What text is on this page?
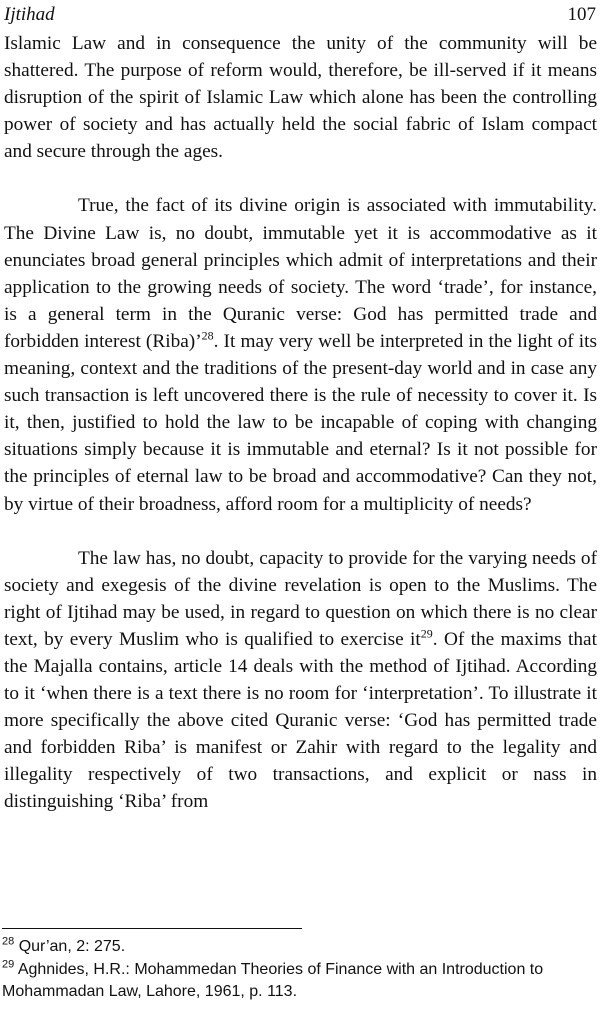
Ijtihad	107

Islamic Law and in consequence the unity of the community will be shattered. The purpose of reform would, therefore, be ill-served if it means disruption of the spirit of Islamic Law which alone has been the controlling power of society and has actually held the social fabric of Islam compact and secure through the ages.

True, the fact of its divine origin is associated with immutability. The Divine Law is, no doubt, immutable yet it is accommodative as it enunciates broad general principles which admit of interpretations and their application to the growing needs of society. The word ‘trade’, for instance, is a general term in the Quranic verse: God has permitted trade and forbidden interest (Riba)’$^{28}$. It may very well be interpreted in the light of its meaning, context and the traditions of the present-day world and in case any such transaction is left uncovered there is the rule of necessity to cover it. Is it, then, justified to hold the law to be incapable of coping with changing situations simply because it is immutable and eternal? Is it not possible for the principles of eternal law to be broad and accommodative? Can they not, by virtue of their broadness, afford room for a multiplicity of needs?

The law has, no doubt, capacity to provide for the varying needs of society and exegesis of the divine revelation is open to the Muslims. The right of Ijtihad may be used, in regard to question on which there is no clear text, by every Muslim who is qualified to exercise $it^{29}$. Of the maxims that the Majalla contains, article 14 deals with the method of Ijtihad. According to it ‘when there is a text there is no room for ‘interpretation’. To illustrate it more specifically the above cited Quranic verse: ‘God has permitted trade and forbidden Riba’ is manifest or Zahir with regard to the legality and illegality respectively of two transactions, and explicit or nass in distinguishing ‘Riba’ from

$^{28}$ Qur’an, 2: 275.

$^{29}$ Aghnides, H.R.: Mohammedan Theories of Finance with an Introduction to Mohammadan Law, Lahore, 1961, p. 113.
